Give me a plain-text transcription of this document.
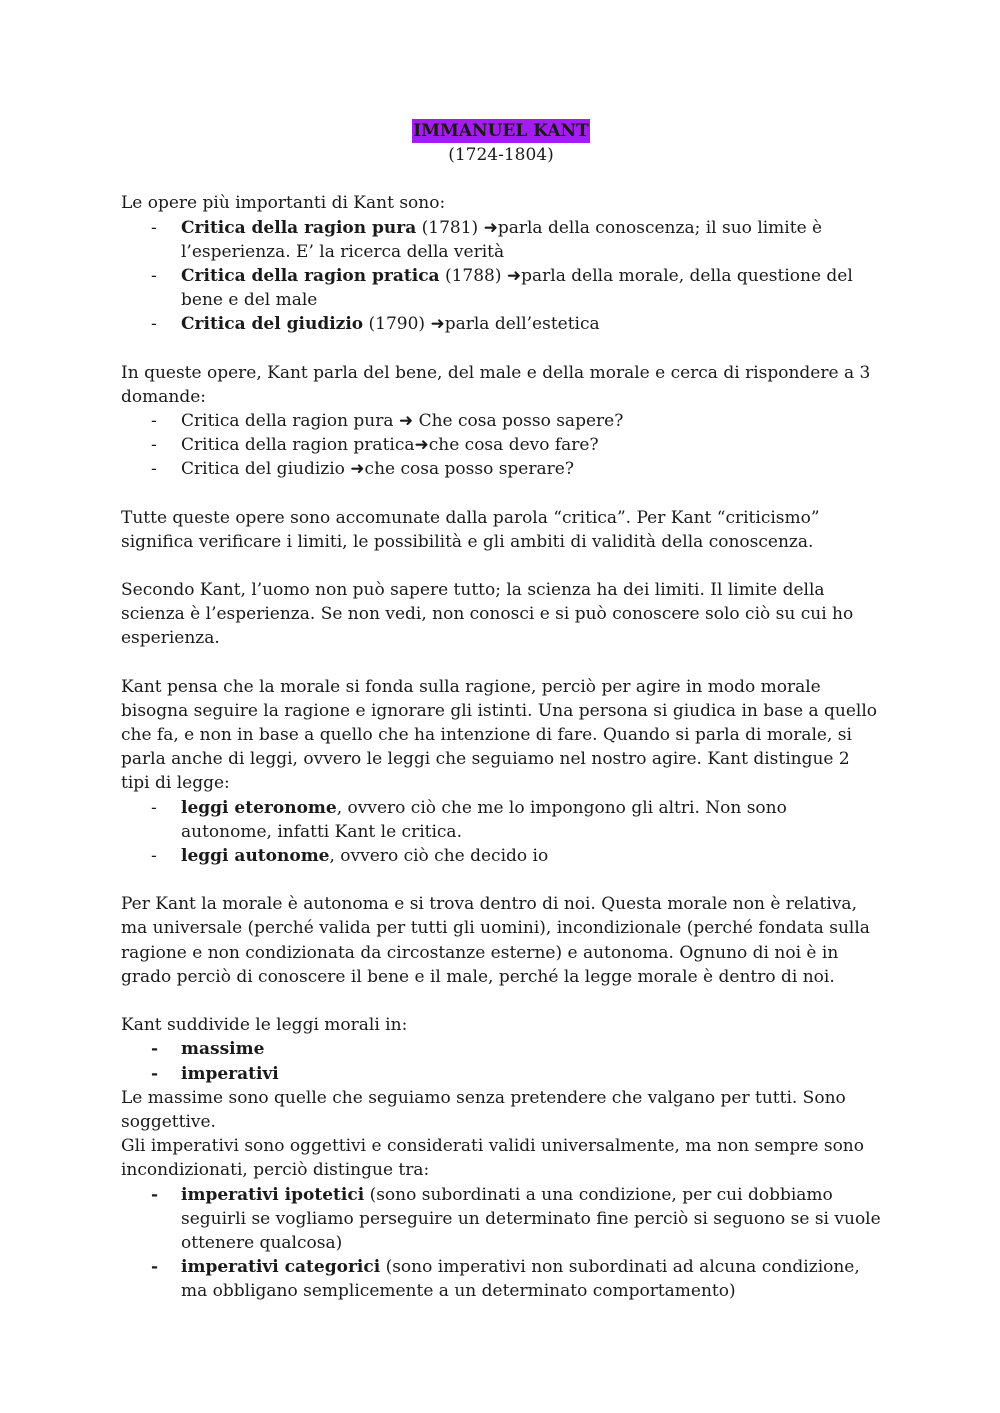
IMMANUEL KANT
(1724-1804)

Le opere più importanti di Kant sono:

- Critica della ragion pura (1781) ➜parla della conoscenza; il suo limite è l’esperienza. E’ la ricerca della verità
- Critica della ragion pratica (1788) ➜parla della morale, della questione del bene e del male
- Critica del giudizio (1790) ➜parla dell’estetica

In queste opere, Kant parla del bene, del male e della morale e cerca di rispondere a 3 domande:

- Critica della ragion pura ➜ Che cosa posso sapere?
- Critica della ragion pratica➜che cosa devo fare?
- Critica del giudizio ➜che cosa posso sperare?

Tutte queste opere sono accomunate dalla parola “critica”. Per Kant “criticismo” significa verificare i limiti, le possibilità e gli ambiti di validità della conoscenza.

Secondo Kant, l’uomo non può sapere tutto; la scienza ha dei limiti. Il limite della scienza è l’esperienza. Se non vedi, non conosci e si può conoscere solo ciò su cui ho esperienza.

Kant pensa che la morale si fonda sulla ragione, perciò per agire in modo morale bisogna seguire la ragione e ignorare gli istinti. Una persona si giudica in base a quello che fa, e non in base a quello che ha intenzione di fare. Quando si parla di morale, si parla anche di leggi, ovvero le leggi che seguiamo nel nostro agire. Kant distingue 2 tipi di legge:

- leggi eteronome, ovvero ciò che me lo impongono gli altri. Non sono autonome, infatti Kant le critica.
- leggi autonome, ovvero ciò che decido io

Per Kant la morale è autonoma e si trova dentro di noi. Questa morale non è relativa, ma universale (perché valida per tutti gli uomini), incondizionale (perché fondata sulla ragione e non condizionata da circostanze esterne) e autonoma. Ognuno di noi è in grado perciò di conoscere il bene e il male, perché la legge morale è dentro di noi.

Kant suddivide le leggi morali in:

- massime
- imperativi

Le massime sono quelle che seguiamo senza pretendere che valgano per tutti. Sono soggettive.

Gli imperativi sono oggettivi e considerati validi universalmente, ma non sempre sono incondizionati, perciò distingue tra:

- imperativi ipotetici (sono subordinati a una condizione, per cui dobbiamo seguirli se vogliamo perseguire un determinato fine perciò si seguono se si vuole ottenere qualcosa)
- imperativi categorici (sono imperativi non subordinati ad alcuna condizione, ma obbligano semplicemente a un determinato comportamento)
